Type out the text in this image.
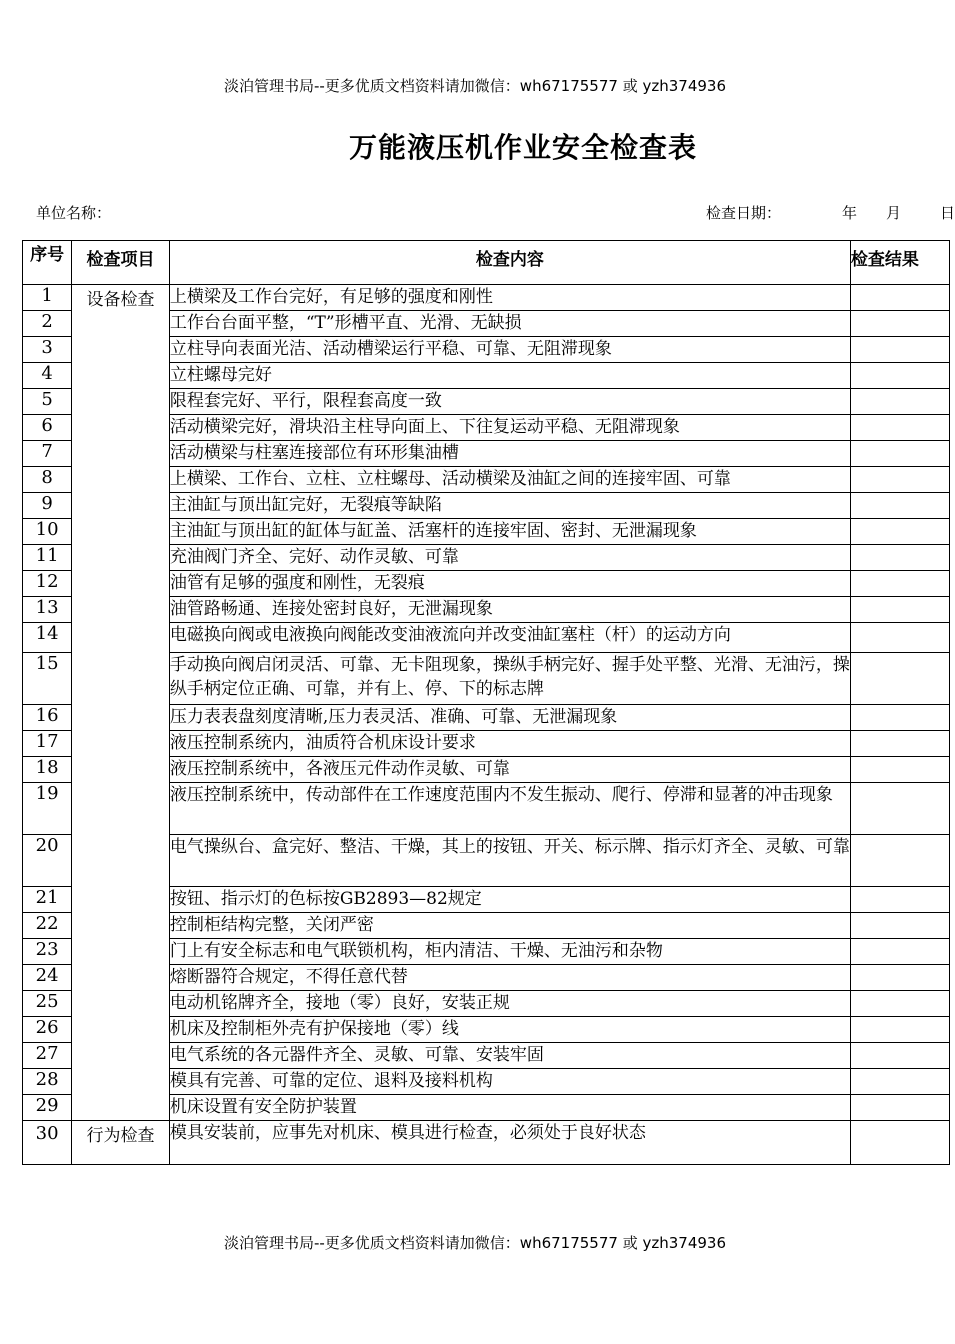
淡泊管理书局--更多优质文档资料请加微信：wh67175577 或 yzh374936
万能液压机作业安全检查表
单位名称：	检查日期：	年 月	日
序号	检查项目	检查内容	检查结果
1	设备检查	上横梁及工作台完好，有足够的强度和刚性	
2		工作台台面平整，“T”形槽平直、光滑、无缺损	
3		立柱导向表面光洁、活动槽梁运行平稳、可靠、无阻滞现象	
4		立柱螺母完好	
5		限程套完好、平行，限程套高度一致	
6		活动横梁完好，滑块沿主柱导向面上、下往复运动平稳、无阻滞现象	
7		活动横梁与柱塞连接部位有环形集油槽	
8		上横梁、工作台、立柱、立柱螺母、活动横梁及油缸之间的连接牢固、可靠	
9		主油缸与顶出缸完好，无裂痕等缺陷	
10		主油缸与顶出缸的缸体与缸盖、活塞杆的连接牢固、密封、无泄漏现象	
11		充油阀门齐全、完好、动作灵敏、可靠	
12		油管有足够的强度和刚性，无裂痕	
13		油管路畅通、连接处密封良好，无泄漏现象	
14		电磁换向阀或电液换向阀能改变油液流向并改变油缸塞柱（杆）的运动方向	
15		手动换向阀启闭灵活、可靠、无卡阻现象，操纵手柄完好、握手处平整、光滑、无油污，操纵手柄定位正确、可靠，并有上、停、下的标志牌	
16		压力表表盘刻度清晰,压力表灵活、准确、可靠、无泄漏现象	
17		液压控制系统内，油质符合机床设计要求	
18		液压控制系统中，各液压元件动作灵敏、可靠	
19		液压控制系统中，传动部件在工作速度范围内不发生振动、爬行、停滞和显著的冲击现象	
20		电气操纵台、盒完好、整洁、干燥，其上的按钮、开关、标示牌、指示灯齐全、灵敏、可靠	
21		按钮、指示灯的色标按GB2893—82规定	
22		控制柜结构完整，关闭严密	
23		门上有安全标志和电气联锁机构，柜内清洁、干燥、无油污和杂物	
24		熔断器符合规定，不得任意代替	
25		电动机铭牌齐全，接地（零）良好，安装正规	
26		机床及控制柜外壳有护保接地（零）线	
27		电气系统的各元器件齐全、灵敏、可靠、安装牢固	
28		模具有完善、可靠的定位、退料及接料机构	
29		机床设置有安全防护装置	
30	行为检查	模具安装前，应事先对机床、模具进行检查，必须处于良好状态	
淡泊管理书局--更多优质文档资料请加微信：wh67175577 或 yzh374936
